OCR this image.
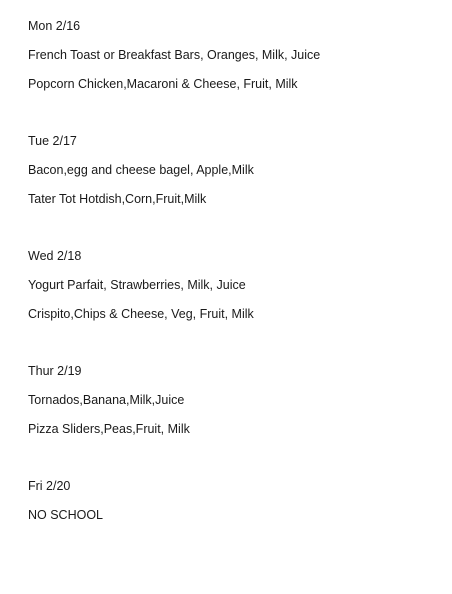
Mon 2/16
French Toast or Breakfast Bars, Oranges, Milk, Juice
Popcorn Chicken,Macaroni & Cheese, Fruit, Milk
Tue 2/17
Bacon,egg and cheese bagel, Apple,Milk
Tater Tot Hotdish,Corn,Fruit,Milk
Wed 2/18
Yogurt Parfait, Strawberries, Milk, Juice
Crispito,Chips & Cheese, Veg, Fruit, Milk
Thur 2/19
Tornados,Banana,Milk,Juice
Pizza Sliders,Peas,Fruit, Milk
Fri 2/20
NO SCHOOL
